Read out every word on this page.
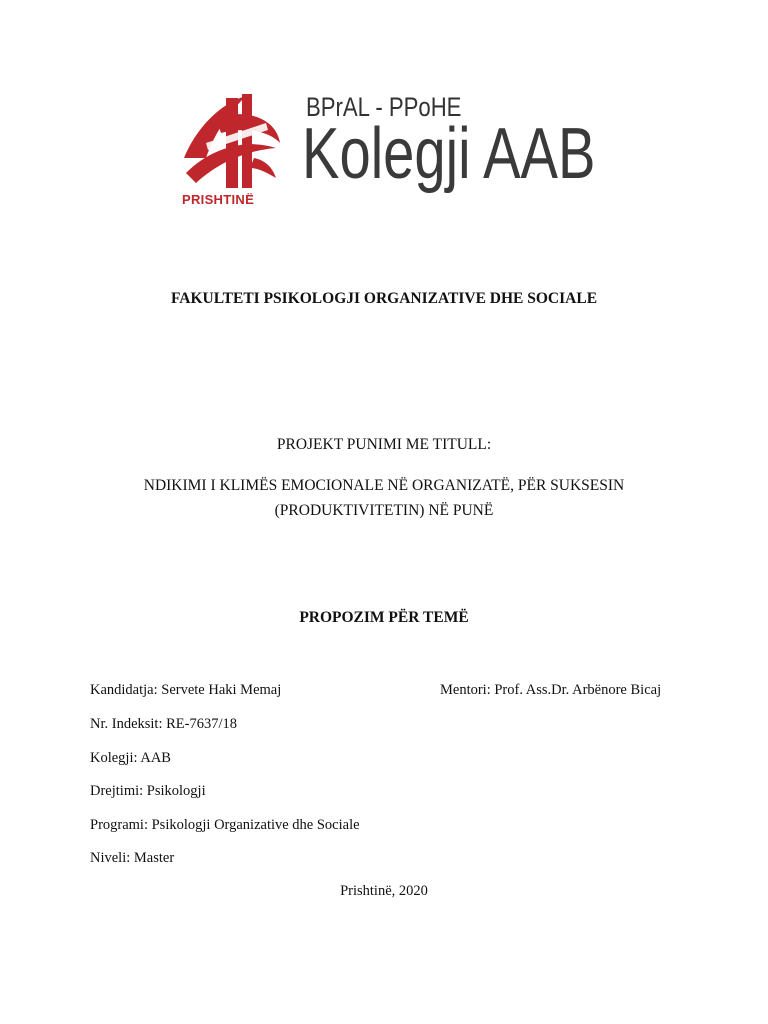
PRISHTINË
BPrAL - PPoHE
Kolegji AAB
FAKULTETI PSIKOLOGJI ORGANIZATIVE DHE SOCIALE
PROJEKT PUNIMI ME TITULL:
NDIKIMI I KLIMËS EMOCIONALE NË ORGANIZATË, PËR SUKSESIN
(PRODUKTIVITETIN) NË PUNË
PROPOZIM PËR TEMË
Kandidatja: Servete Haki Memaj	Mentori: Prof. Ass.Dr. Arbënore Bicaj
Nr. Indeksit: RE-7637/18
Kolegji: AAB
Drejtimi: Psikologji
Programi: Psikologji Organizative dhe Sociale
Niveli: Master
Prishtinë, 2020
